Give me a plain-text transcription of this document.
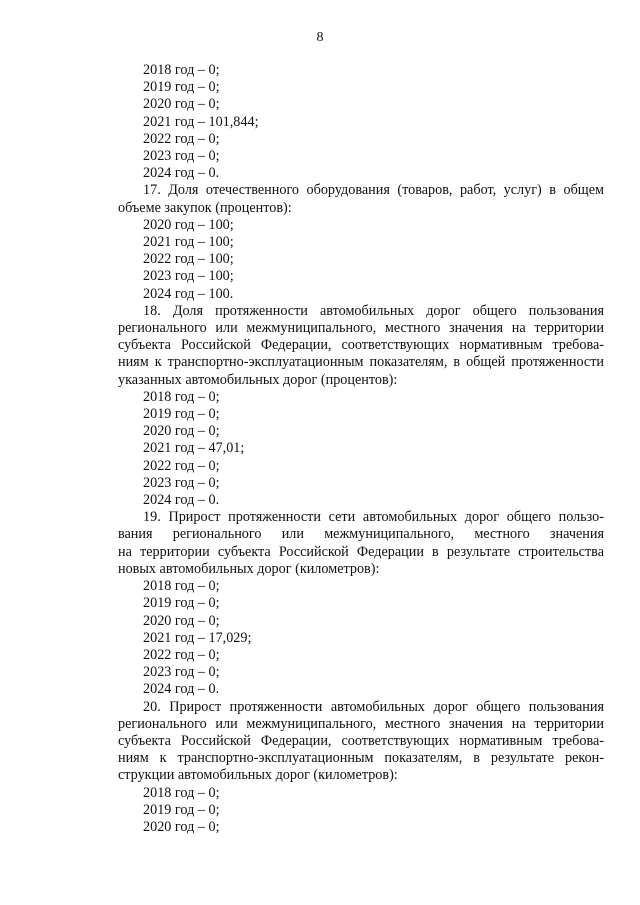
8
2018 год – 0;
2019 год – 0;
2020 год – 0;
2021 год – 101,844;
2022 год – 0;
2023 год – 0;
2024 год – 0.
17. Доля отечественного оборудования (товаров, работ, услуг) в общем
объеме закупок (процентов):
2020 год – 100;
2021 год – 100;
2022 год – 100;
2023 год – 100;
2024 год – 100.
18. Доля протяженности автомобильных дорог общего пользования
регионального или межмуниципального, местного значения на территории
субъекта Российской Федерации, соответствующих нормативным требова-
ниям к транспортно-эксплуатационным показателям, в общей протяженности
указанных автомобильных дорог (процентов):
2018 год – 0;
2019 год – 0;
2020 год – 0;
2021 год – 47,01;
2022 год – 0;
2023 год – 0;
2024 год – 0.
19. Прирост протяженности сети автомобильных дорог общего пользо-
вания регионального или межмуниципального, местного значения
на территории субъекта Российской Федерации в результате строительства
новых автомобильных дорог (километров):
2018 год – 0;
2019 год – 0;
2020 год – 0;
2021 год – 17,029;
2022 год – 0;
2023 год – 0;
2024 год – 0.
20. Прирост протяженности автомобильных дорог общего пользования
регионального или межмуниципального, местного значения на территории
субъекта Российской Федерации, соответствующих нормативным требова-
ниям к транспортно-эксплуатационным показателям, в результате рекон-
струкции автомобильных дорог (километров):
2018 год – 0;
2019 год – 0;
2020 год – 0;
